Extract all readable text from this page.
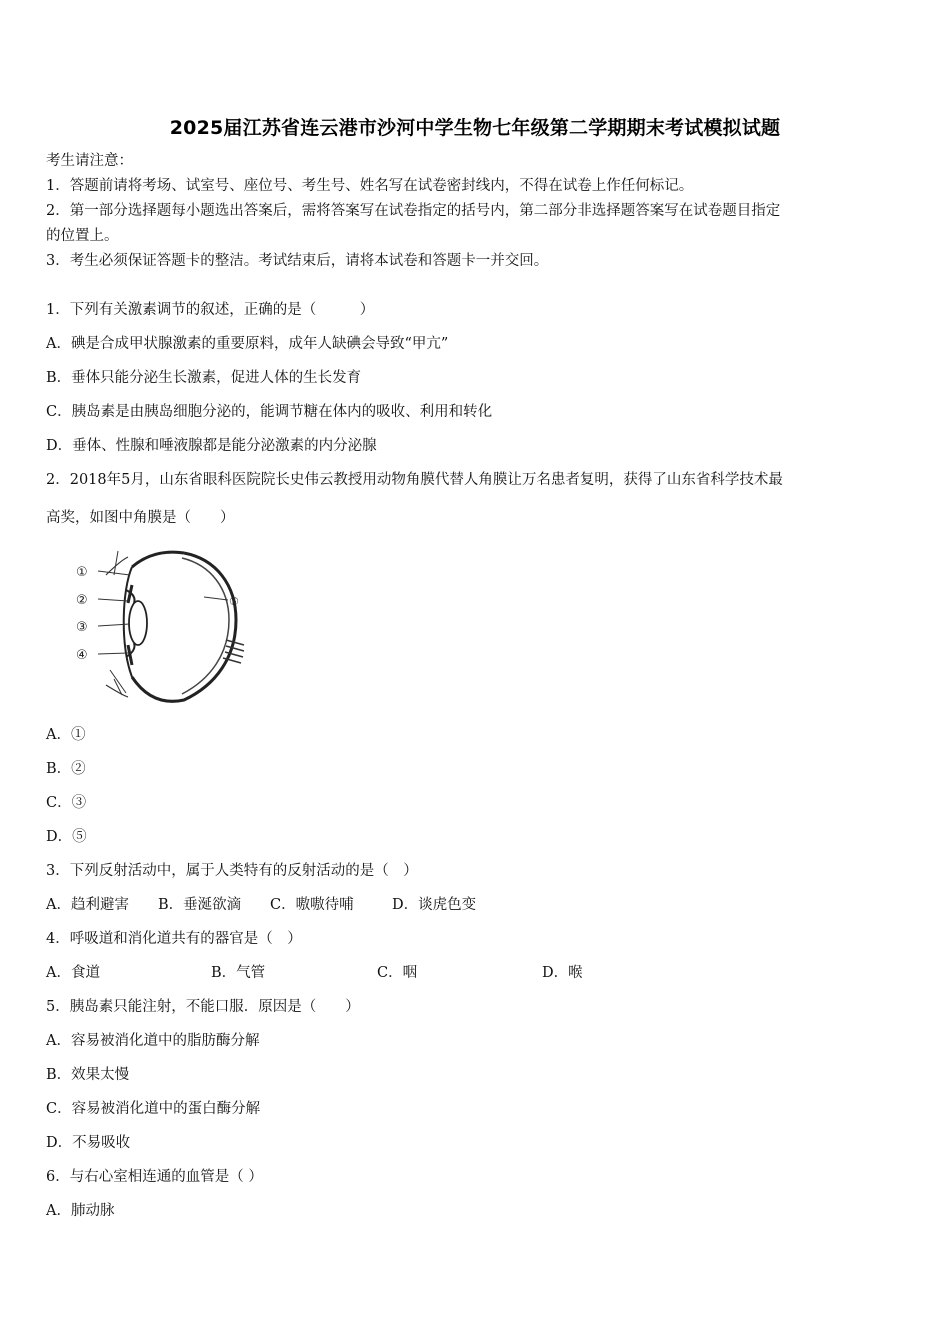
2025届江苏省连云港市沙河中学生物七年级第二学期期末考试模拟试题
考生请注意：
1．答题前请将考场、试室号、座位号、考生号、姓名写在试卷密封线内，不得在试卷上作任何标记。
2．第一部分选择题每小题选出答案后，需将答案写在试卷指定的括号内，第二部分非选择题答案写在试卷题目指定
的位置上。
3．考生必须保证答题卡的整洁。考试结束后，请将本试卷和答题卡一并交回。
1．下列有关激素调节的叙述，正确的是（　　　）
A．碘是合成甲状腺激素的重要原料，成年人缺碘会导致“甲亢”
B．垂体只能分泌生长激素，促进人体的生长发育
C．胰岛素是由胰岛细胞分泌的，能调节糖在体内的吸收、利用和转化
D．垂体、性腺和唾液腺都是能分泌激素的内分泌腺
2．2018年5月，山东省眼科医院院长史伟云教授用动物角膜代替人角膜让万名患者复明，获得了山东省科学技术最
高奖，如图中角膜是（　　）
①
②
③
④
⑤
A．①
B．②
C．③
D．⑤
3．下列反射活动中，属于人类特有的反射活动的是（　）
A．趋利避害 B．垂涎欲滴 C．嗷嗷待哺	D．谈虎色变
4．呼吸道和消化道共有的器官是（　）
A．食道	B．气管	C．咽	D．喉
5．胰岛素只能注射，不能口服．原因是（　　）
A．容易被消化道中的脂肪酶分解
B．效果太慢
C．容易被消化道中的蛋白酶分解
D．不易吸收
6．与右心室相连通的血管是（ ）
A．肺动脉
